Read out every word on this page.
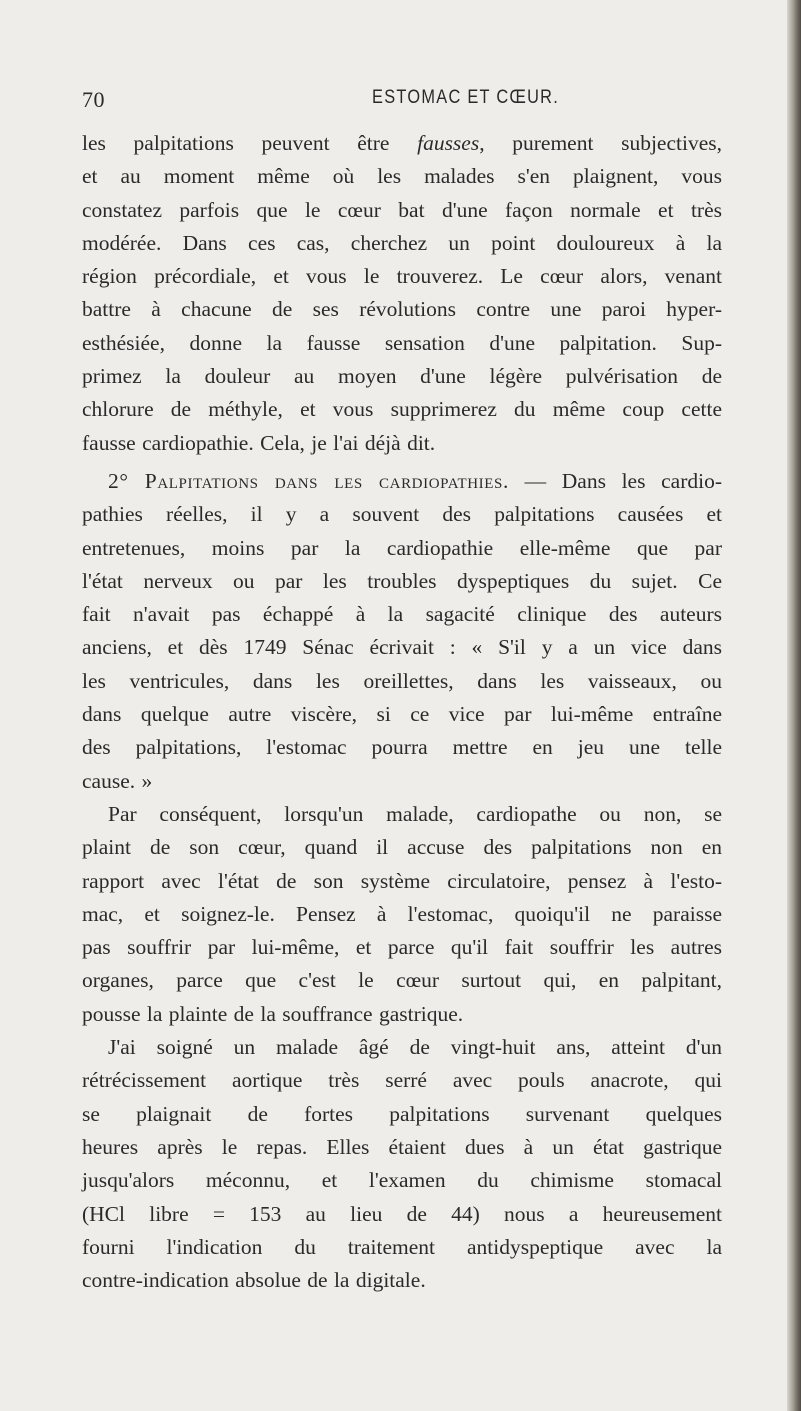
70	ESTOMAC ET CŒUR.
les palpitations peuvent être fausses, purement subjectives,
et au moment même où les malades s'en plaignent, vous
constatez parfois que le cœur bat d'une façon normale et très
modérée. Dans ces cas, cherchez un point douloureux à la
région précordiale, et vous le trouverez. Le cœur alors, venant
battre à chacune de ses révolutions contre une paroi hyper-
esthésiée, donne la fausse sensation d'une palpitation. Sup-
primez la douleur au moyen d'une légère pulvérisation de
chlorure de méthyle, et vous supprimerez du même coup cette
fausse cardiopathie. Cela, je l'ai déjà dit.
2° Palpitations dans les cardiopathies. — Dans les cardio-
pathies réelles, il y a souvent des palpitations causées et
entretenues, moins par la cardiopathie elle-même que par
l'état nerveux ou par les troubles dyspeptiques du sujet. Ce
fait n'avait pas échappé à la sagacité clinique des auteurs
anciens, et dès 1749 Sénac écrivait : « S'il y a un vice dans
les ventricules, dans les oreillettes, dans les vaisseaux, ou
dans quelque autre viscère, si ce vice par lui-même entraîne
des palpitations, l'estomac pourra mettre en jeu une telle
cause. »
Par conséquent, lorsqu'un malade, cardiopathe ou non, se
plaint de son cœur, quand il accuse des palpitations non en
rapport avec l'état de son système circulatoire, pensez à l'esto-
mac, et soignez-le. Pensez à l'estomac, quoiqu'il ne paraisse
pas souffrir par lui-même, et parce qu'il fait souffrir les autres
organes, parce que c'est le cœur surtout qui, en palpitant,
pousse la plainte de la souffrance gastrique.
J'ai soigné un malade âgé de vingt-huit ans, atteint d'un
rétrécissement aortique très serré avec pouls anacrote, qui
se plaignait de fortes palpitations survenant quelques
heures après le repas. Elles étaient dues à un état gastrique
jusqu'alors méconnu, et l'examen du chimisme stomacal
(HCl libre = 153 au lieu de 44) nous a heureusement
fourni l'indication du traitement antidyspeptique avec la
contre-indication absolue de la digitale.
